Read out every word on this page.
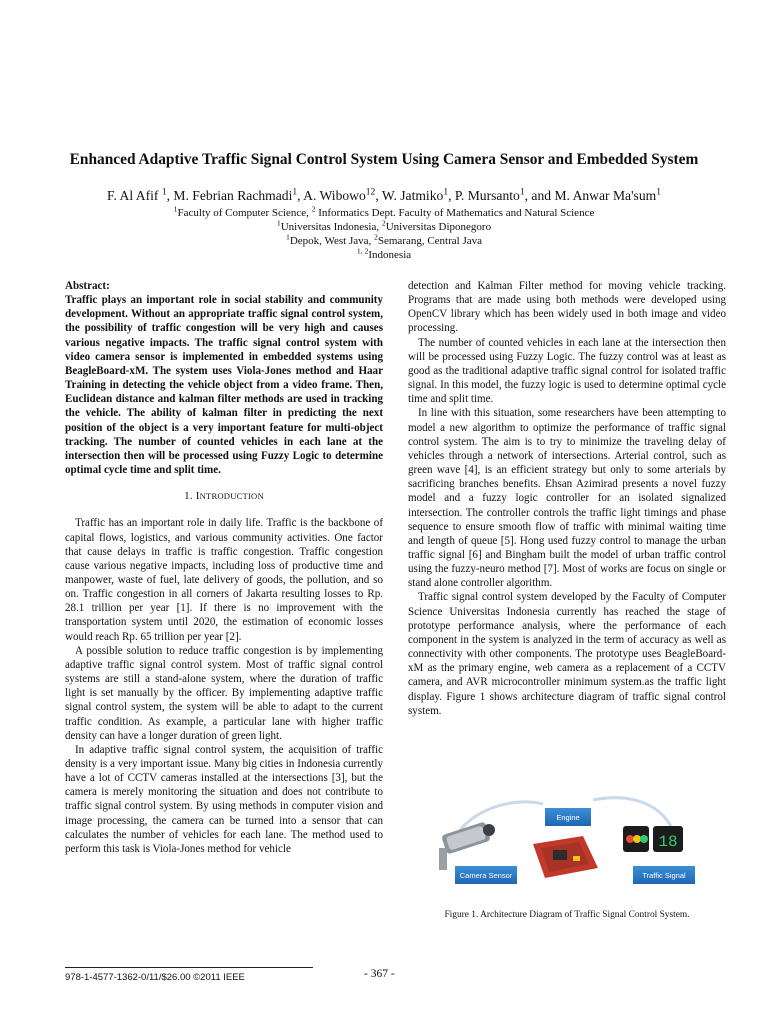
Enhanced Adaptive Traffic Signal Control System Using Camera Sensor and Embedded System
F. Al Afif $^1$, M. Febrian Rachmadi$^1$, A. Wibowo$^{12}$, W. Jatmiko$^1$, P. Mursanto$^1$, and M. Anwar Ma'sum$^1$
$^1$Faculty of Computer Science, $^2$ Informatics Dept. Faculty of Mathematics and Natural Science
$^1$Universitas Indonesia, $^2$Universitas Diponegoro
$^1$Depok, West Java, $^2$Semarang, Central Java
$^{1, 2}$Indonesia

Abstract:

Traffic plays an important role in social stability and community development. Without an appropriate traffic signal control system, the possibility of traffic congestion will be very high and causes various negative impacts. The traffic signal control system with video camera sensor is implemented in embedded systems using BeagleBoard-xM. The system uses Viola-Jones method and Haar Training in detecting the vehicle object from a video frame. Then, Euclidean distance and kalman filter methods are used in tracking the vehicle. The ability of kalman filter in predicting the next position of the object is a very important feature for multi-object tracking. The number of counted vehicles in each lane at the intersection then will be processed using Fuzzy Logic to determine optimal cycle time and split time.

1. INTRODUCTION

Traffic has an important role in daily life. Traffic is the backbone of capital flows, logistics, and various community activities. One factor that cause delays in traffic is traffic congestion. Traffic congestion cause various negative impacts, including loss of productive time and manpower, waste of fuel, late delivery of goods, the pollution, and so on. Traffic congestion in all corners of Jakarta resulting losses to Rp. 28.1 trillion per year [1]. If there is no improvement with the transportation system until 2020, the estimation of economic losses would reach Rp. 65 trillion per year [2].

A possible solution to reduce traffic congestion is by implementing adaptive traffic signal control system. Most of traffic signal control systems are still a stand-alone system, where the duration of traffic light is set manually by the officer. By implementing adaptive traffic signal control system, the system will be able to adapt to the current traffic condition. As example, a particular lane with higher traffic density can have a longer duration of green light.

In adaptive traffic signal control system, the acquisition of traffic density is a very important issue. Many big cities in Indonesia currently have a lot of CCTV cameras installed at the intersections [3], but the camera is merely monitoring the situation and does not contribute to traffic signal control system. By using methods in computer vision and image processing, the camera can be turned into a sensor that can calculates the number of vehicles for each lane. The method used to perform this task is Viola-Jones method for vehicle

detection and Kalman Filter method for moving vehicle tracking. Programs that are made using both methods were developed using OpenCV library which has been widely used in both image and video processing.

The number of counted vehicles in each lane at the intersection then will be processed using Fuzzy Logic. The fuzzy control was at least as good as the traditional adaptive traffic signal control for isolated traffic signal. In this model, the fuzzy logic is used to determine optimal cycle time and split time.

In line with this situation, some researchers have been attempting to model a new algorithm to optimize the performance of traffic signal control system. The aim is to try to minimize the traveling delay of vehicles through a network of intersections. Arterial control, such as green wave [4], is an efficient strategy but only to some arterials by sacrificing branches benefits. Ehsan Azimirad presents a novel fuzzy model and a fuzzy logic controller for an isolated signalized intersection. The controller controls the traffic light timings and phase sequence to ensure smooth flow of traffic with minimal waiting time and length of queue [5]. Hong used fuzzy control to manage the urban traffic signal [6] and Bingham built the model of urban traffic control using the fuzzy-neuro method [7]. Most of works are focus on single or stand alone controller algorithm.

Traffic signal control system developed by the Faculty of Computer Science Universitas Indonesia currently has reached the stage of prototype performance analysis, where the performance of each component in the system is analyzed in the term of accuracy as well as connectivity with other components. The prototype uses BeagleBoard-xM as the primary engine, web camera as a replacement of a CCTV camera, and AVR microcontroller minimum system.as the traffic light display. Figure 1 shows architecture diagram of traffic signal control system.

18
Engine
Camera Sensor	Traffic Signal
Figure 1. Architecture Diagram of Traffic Signal Control System.
978-1-4577-1362-0/11/$26.00 ©2011 IEEE	- 367 -
